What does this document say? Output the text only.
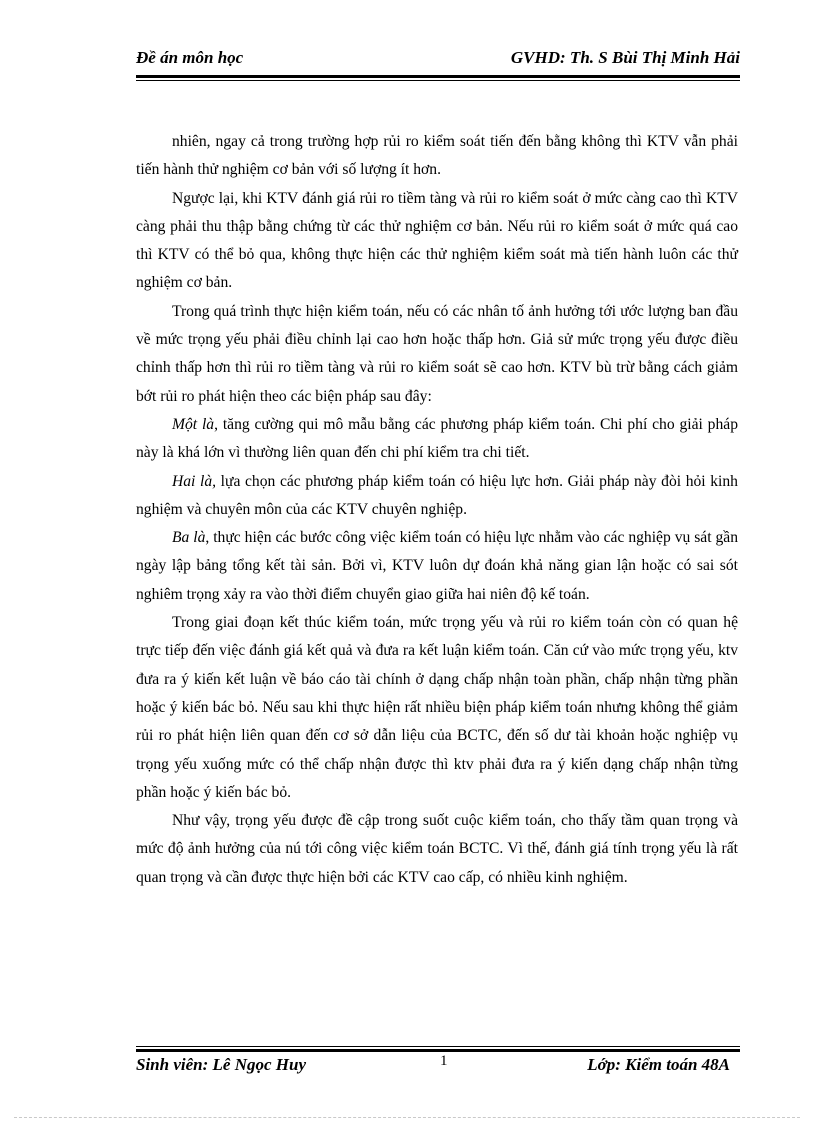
Đề án môn học	GVHD: Th. S Bùi Thị Minh Hải

nhiên, ngay cả trong trường hợp rủi ro kiểm soát tiến đến bằng không thì KTV vẫn phải tiến hành thử nghiệm cơ bản với số lượng ít hơn.

Ngược lại, khi KTV đánh giá rủi ro tiềm tàng và rủi ro kiểm soát ở mức càng cao thì KTV càng phải thu thập bằng chứng từ các thử nghiệm cơ bản. Nếu rủi ro kiểm soát ở mức quá cao thì KTV có thể bỏ qua, không thực hiện các thử nghiệm kiểm soát mà tiến hành luôn các thử nghiệm cơ bản.

Trong quá trình thực hiện kiểm toán, nếu có các nhân tố ảnh hưởng tới ước lượng ban đầu về mức trọng yếu phải điều chỉnh lại cao hơn hoặc thấp hơn. Giả sử mức trọng yếu được điều chỉnh thấp hơn thì rủi ro tiềm tàng và rủi ro kiểm soát sẽ cao hơn. KTV bù trừ bằng cách giảm bớt rủi ro phát hiện theo các biện pháp sau đây:

Một là, tăng cường qui mô mẫu bằng các phương pháp kiểm toán. Chi phí cho giải pháp này là khá lớn vì thường liên quan đến chi phí kiểm tra chi tiết.

Hai là, lựa chọn các phương pháp kiểm toán có hiệu lực hơn. Giải pháp này đòi hỏi kinh nghiệm và chuyên môn của các KTV chuyên nghiệp.

Ba là, thực hiện các bước công việc kiểm toán có hiệu lực nhằm vào các nghiệp vụ sát gần ngày lập bảng tổng kết tài sản. Bởi vì, KTV luôn dự đoán khả năng gian lận hoặc có sai sót nghiêm trọng xảy ra vào thời điểm chuyển giao giữa hai niên độ kế toán.

Trong giai đoạn kết thúc kiểm toán, mức trọng yếu và rủi ro kiểm toán còn có quan hệ trực tiếp đến việc đánh giá kết quả và đưa ra kết luận kiểm toán. Căn cứ vào mức trọng yếu, ktv đưa ra ý kiến kết luận về báo cáo tài chính ở dạng chấp nhận toàn phần, chấp nhận từng phần hoặc ý kiến bác bỏ. Nếu sau khi thực hiện rất nhiều biện pháp kiểm toán nhưng không thể giảm rủi ro phát hiện liên quan đến cơ sở dẫn liệu của BCTC, đến số dư tài khoản hoặc nghiệp vụ trọng yếu xuống mức có thể chấp nhận được thì ktv phải đưa ra ý kiến dạng chấp nhận từng phần hoặc ý kiến bác bỏ.

Như vậy, trọng yếu được đề cập trong suốt cuộc kiểm toán, cho thấy tầm quan trọng và mức độ ảnh hưởng của nú tới công việc kiểm toán BCTC. Vì thế, đánh giá tính trọng yếu là rất quan trọng và cần được thực hiện bởi các KTV cao cấp, có nhiều kinh nghiệm.

Sinh viên: Lê Ngọc Huy	1	Lớp: Kiểm toán 48A
